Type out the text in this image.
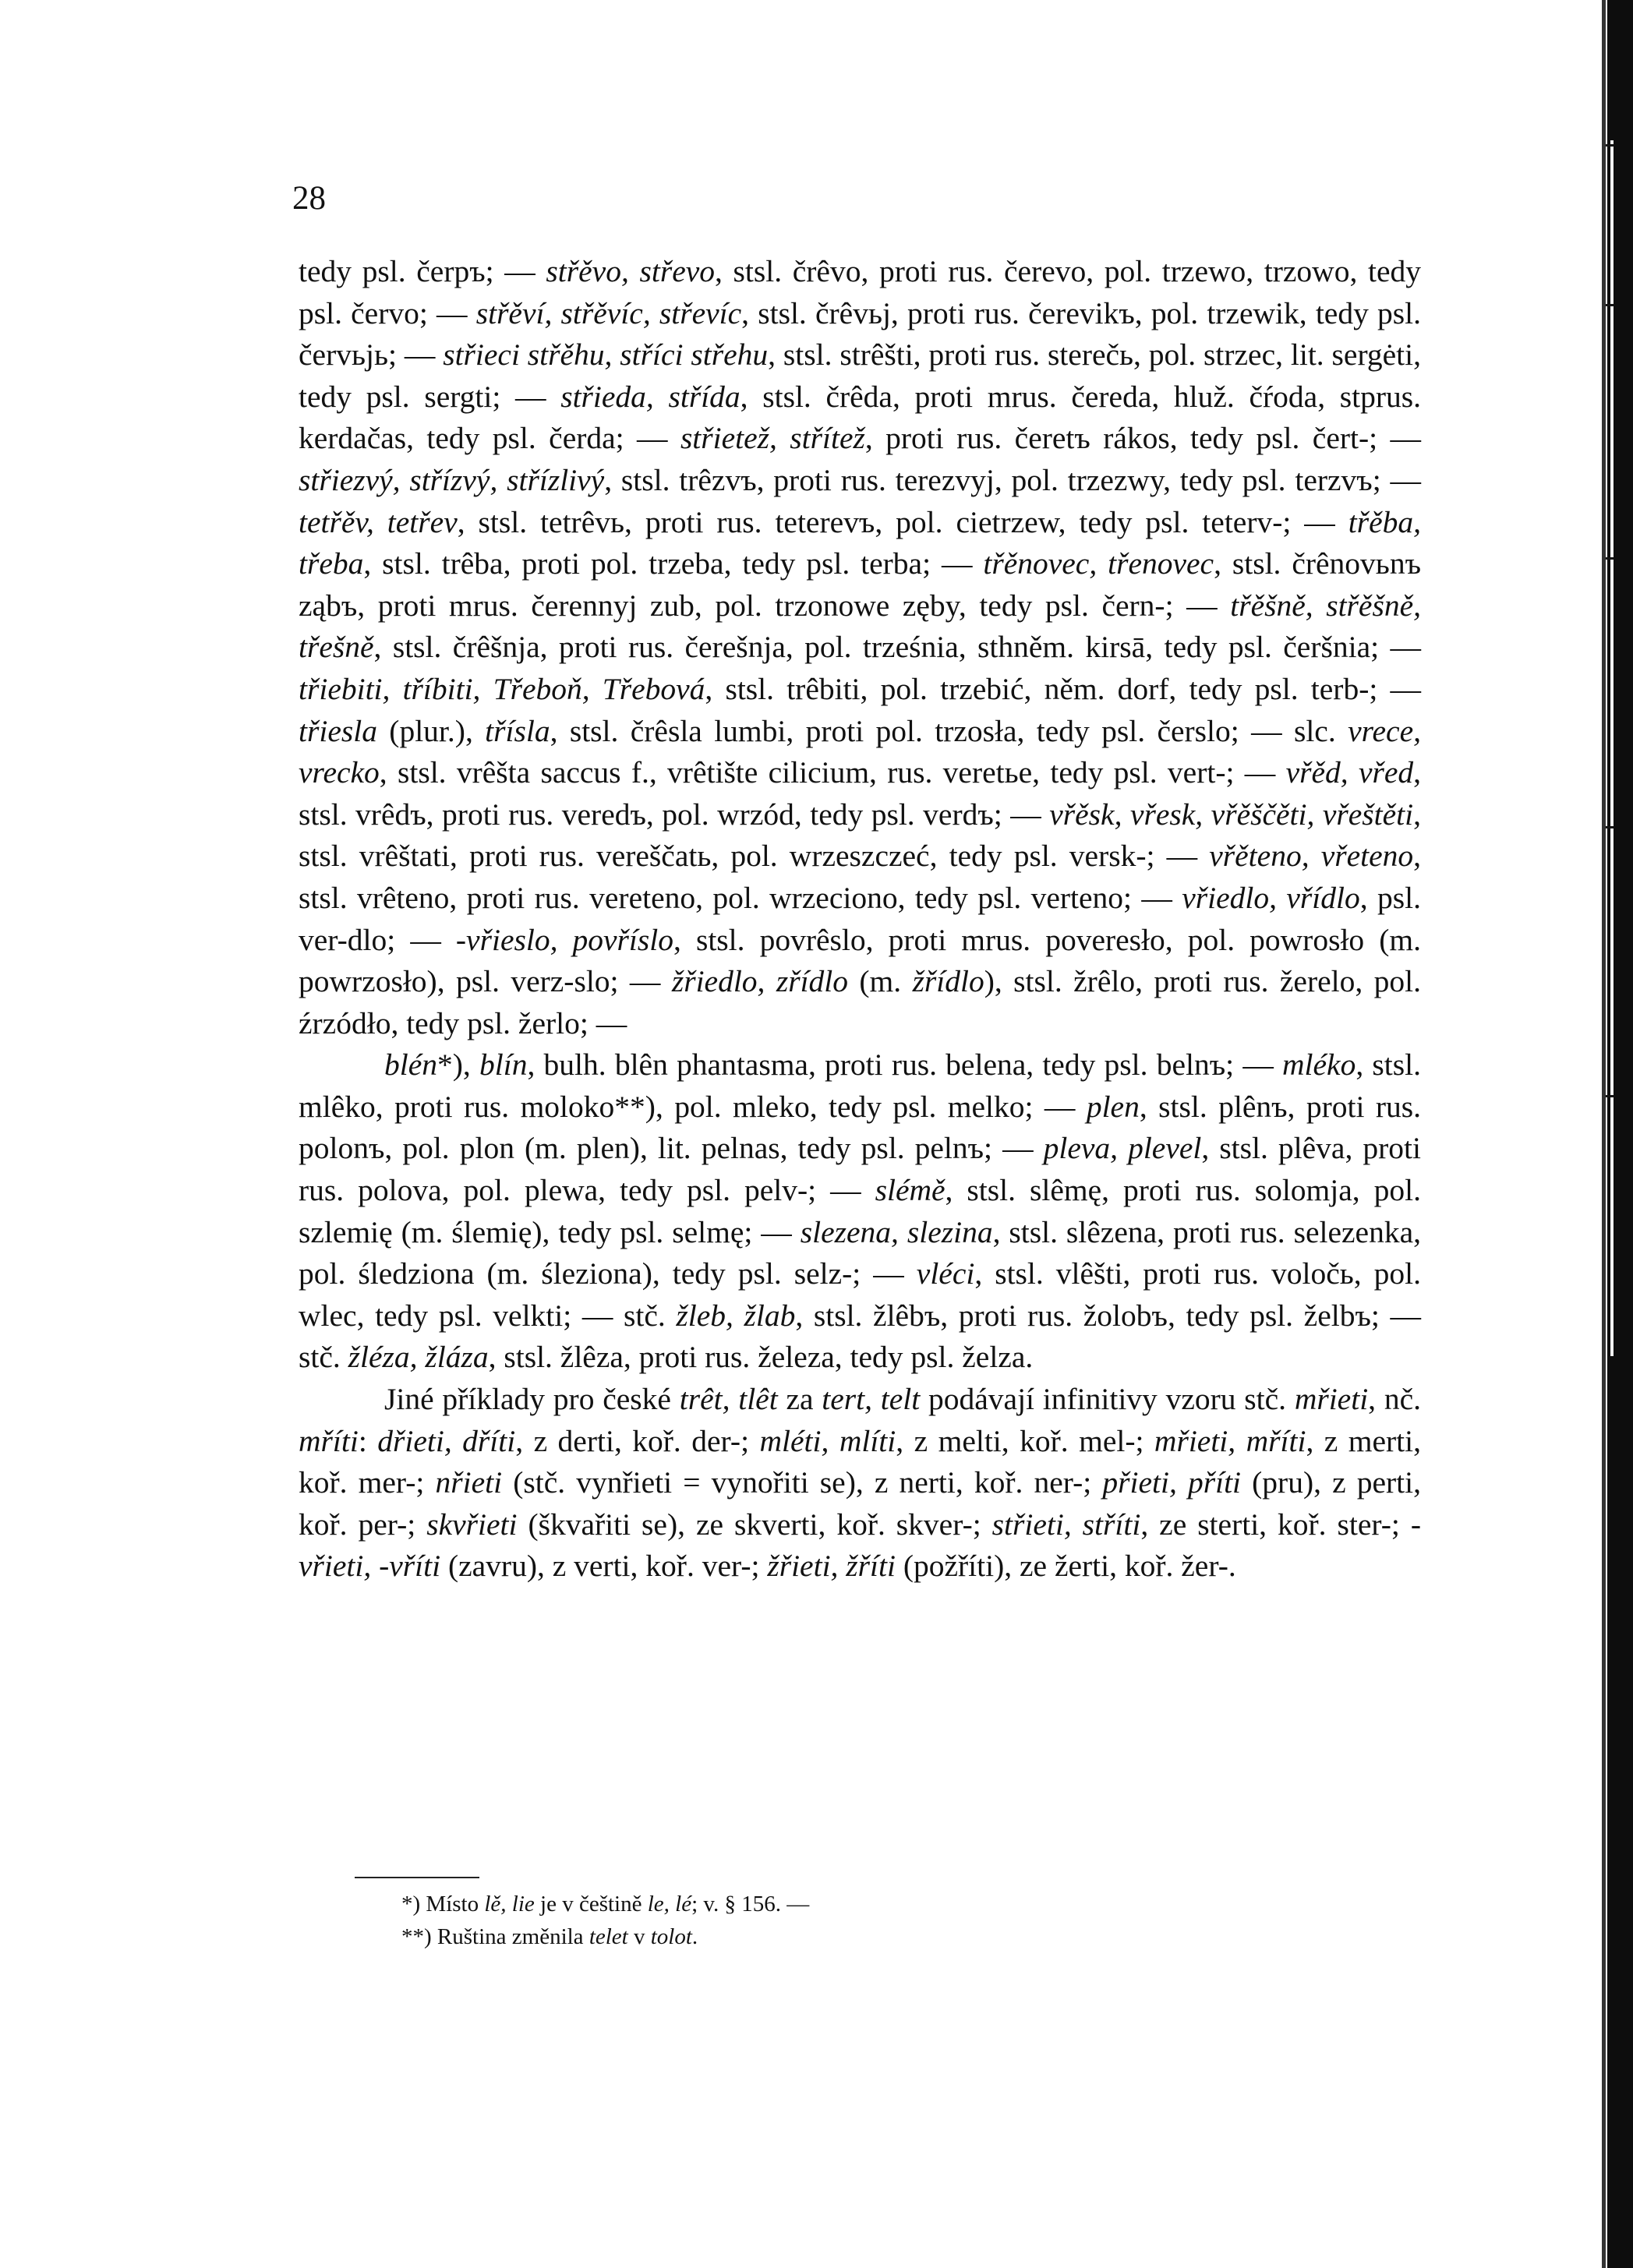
28

tedy psl. čerpъ; — střěvo, střevo, stsl. črêvo, proti rus. čerevo, pol. trzewo, trzowo, tedy psl. červo; — střěví, střěvíc, střevíc, stsl. črêvьj, proti rus. čerevikъ, pol. trzewik, tedy psl. červьjь; — střieci střěhu, stříci střehu, stsl. strêšti, proti rus. sterečь, pol. strzec, lit. sergėti, tedy psl. sergti; — střieda, střída, stsl. črêda, proti mrus. čereda, hluž. čŕoda, stprus. kerdačas, tedy psl. čerda; — střietež, střítež, proti rus. čeretъ rákos, tedy psl. čert-; — střiezvý, střízvý, střízlivý, stsl. trêzvъ, proti rus. terezvyj, pol. trzezwy, tedy psl. terzvъ; — tetřěv, tetřev, stsl. tetrêvь, proti rus. teterevъ, pol. cietrzew, tedy psl. teterv-; — třěba, třeba, stsl. trêba, proti pol. trzeba, tedy psl. terba; — třěnovec, třenovec, stsl. črênovьnъ ząbъ, proti mrus. čerennyj zub, pol. trzonowe zęby, tedy psl. čern-; — třěšně, střěšně, třešně, stsl. črêšnja, proti rus. čerešnja, pol. trześnia, sthněm. kirsā, tedy psl. čeršnia; — třiebiti, tříbiti, Třeboň, Třebová, stsl. trêbiti, pol. trzebić, něm. dorf, tedy psl. terb-; — třiesla (plur.), třísla, stsl. črêsla lumbi, proti pol. trzosła, tedy psl. čerslo; — slc. vrece, vrecko, stsl. vrêšta saccus f., vrêtište cilicium, rus. veretьe, tedy psl. vert-; — vřěd, vřed, stsl. vrêdъ, proti rus. veredъ, pol. wrzód, tedy psl. verdъ; — vřěsk, vřesk, vřěščěti, vřeštěti, stsl. vrêštati, proti rus. vereščatь, pol. wrzeszczeć, tedy psl. versk-; — vřěteno, vřeteno, stsl. vrêteno, proti rus. vereteno, pol. wrzeciono, tedy psl. verteno; — vřiedlo, vřídlo, psl. ver-dlo; — -vřieslo, povříslo, stsl. povrêslo, proti mrus. poveresło, pol. powrosło (m. powrzosło), psl. verz-slo; — žřiedlo, zřídlo (m. žřídlo), stsl. žrêlo, proti rus. žerelo, pol. źrzódło, tedy psl. žerlo; —

blén*), blín, bulh. blên phantasma, proti rus. belena, tedy psl. belnъ; — mléko, stsl. mlêko, proti rus. moloko**), pol. mleko, tedy psl. melko; — plen, stsl. plênъ, proti rus. polonъ, pol. plon (m. plen), lit. pelnas, tedy psl. pelnъ; — pleva, plevel, stsl. plêva, proti rus. polova, pol. plewa, tedy psl. pelv-; — slémě, stsl. slêmę, proti rus. solomja, pol. szlemię (m. ślemię), tedy psl. selmę; — slezena, slezina, stsl. slêzena, proti rus. selezenka, pol. śledziona (m. śleziona), tedy psl. selz-; — vléci, stsl. vlêšti, proti rus. voločь, pol. wlec, tedy psl. velkti; — stč. žleb, žlab, stsl. žlêbъ, proti rus. žolobъ, tedy psl. želbъ; — stč. žléza, žláza, stsl. žlêza, proti rus. železa, tedy psl. želza.

Jiné příklady pro české trêt, tlêt za tert, telt podávají infinitivy vzoru stč. mřieti, nč. mříti: dřieti, dříti, z derti, koř. der-; mléti, mlíti, z melti, koř. mel-; mřieti, mříti, z merti, koř. mer-; nřieti (stč. vynřieti = vynořiti se), z nerti, koř. ner-; přieti, příti (pru), z perti, koř. per-; skvřieti (škvařiti se), ze skverti, koř. skver-; střieti, stříti, ze sterti, koř. ster-; -vřieti, -vříti (zavru), z verti, koř. ver-; žřieti, žříti (požříti), ze žerti, koř. žer-.

*) Místo lě, lie je v češtině le, lé; v. § 156. —

**) Ruština změnila telet v tolot.
